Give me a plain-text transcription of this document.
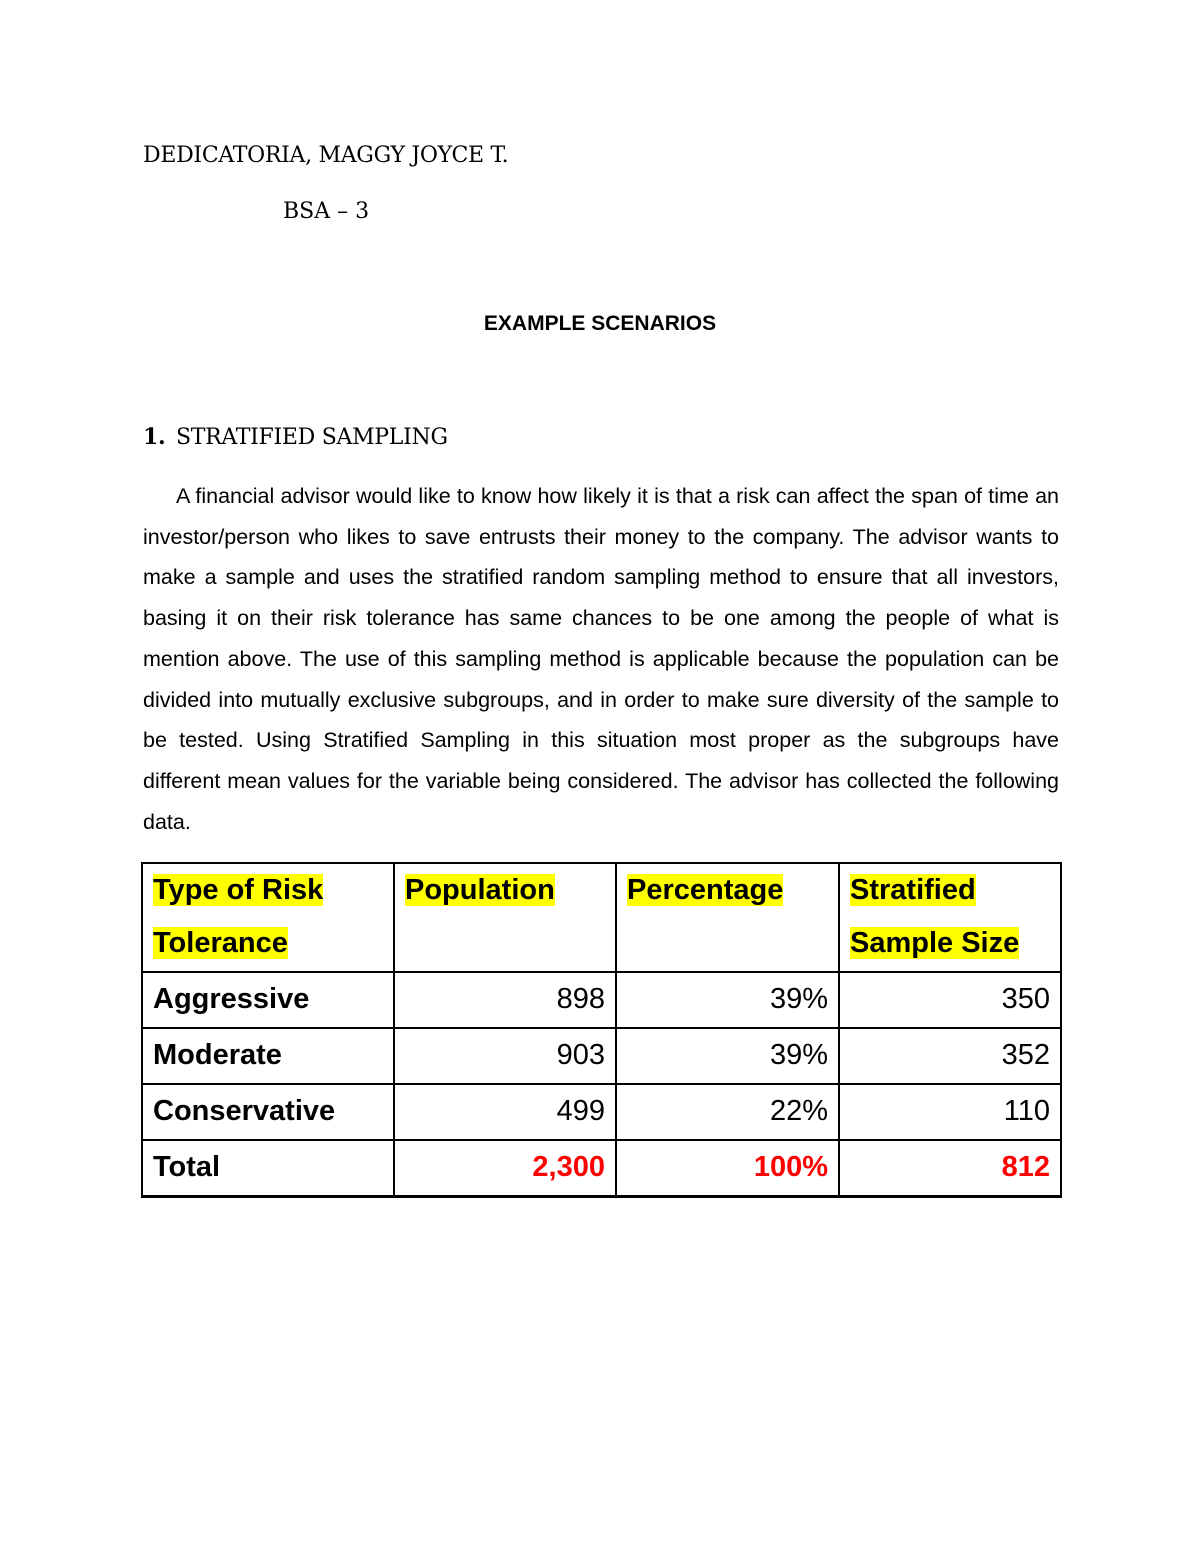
DEDICATORIA, MAGGY JOYCE T.
BSA – 3
EXAMPLE SCENARIOS
1. STRATIFIED SAMPLING

A financial advisor would like to know how likely it is that a risk can affect the span of time an investor/person who likes to save entrusts their money to the company. The advisor wants to make a sample and uses the stratified random sampling method to ensure that all investors, basing it on their risk tolerance has same chances to be one among the people of what is mention above. The use of this sampling method is applicable because the population can be divided into mutually exclusive subgroups, and in order to make sure diversity of the sample to be tested. Using Stratified Sampling in this situation most proper as the subgroups have different mean values for the variable being considered. The advisor has collected the following data.

Type of Risk Tolerance	Population	Percentage	Stratified Sample Size
Aggressive	898	39%	350
Moderate	903	39%	352
Conservative	499	22%	110
Total	2,300	100%	812
